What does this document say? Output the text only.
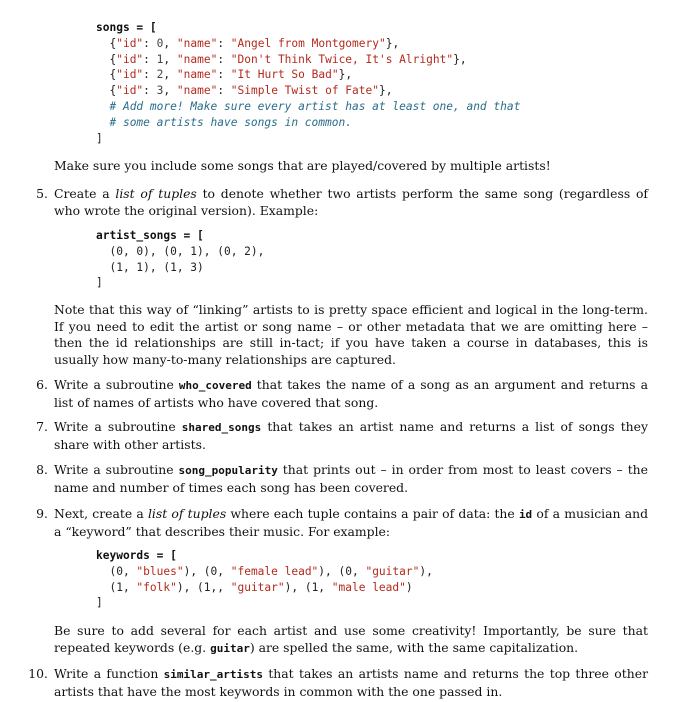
songs = [
{"id": 0, "name": "Angel from Montgomery"},
{"id": 1, "name": "Don't Think Twice, It's Alright"},
{"id": 2, "name": "It Hurt So Bad"},
{"id": 3, "name": "Simple Twist of Fate"},
# Add more! Make sure every artist has at least one, and that
# some artists have songs in common.
]
Make sure you include some songs that are played/covered by multiple artists!
5. Create a list of tuples to denote whether two artists perform the same song (regardless of who wrote the original version). Example:
artist_songs = [
(0, 0), (0, 1), (0, 2),
(1, 1), (1, 3)
]
Note that this way of “linking” artists to is pretty space efficient and logical in the long-term. If you need to edit the artist or song name – or other metadata that we are omitting here – then the id relationships are still in-tact; if you have taken a course in databases, this is usually how many-to-many relationships are captured.
6. Write a subroutine who_covered that takes the name of a song as an argument and returns a list of names of artists who have covered that song.
7. Write a subroutine shared_songs that takes an artist name and returns a list of songs they share with other artists.
8. Write a subroutine song_popularity that prints out – in order from most to least covers – the name and number of times each song has been covered.
9. Next, create a list of tuples where each tuple contains a pair of data: the id of a musician and a “keyword” that describes their music. For example:
keywords = [
(0, "blues"), (0, "female lead"), (0, "guitar"),
(1, "folk"), (1,, "guitar"), (1, "male lead")
]
Be sure to add several for each artist and use some creativity! Importantly, be sure that repeated keywords (e.g. guitar) are spelled the same, with the same capitalization.
10. Write a function similar_artists that takes an artists name and returns the top three other artists that have the most keywords in common with the one passed in.
